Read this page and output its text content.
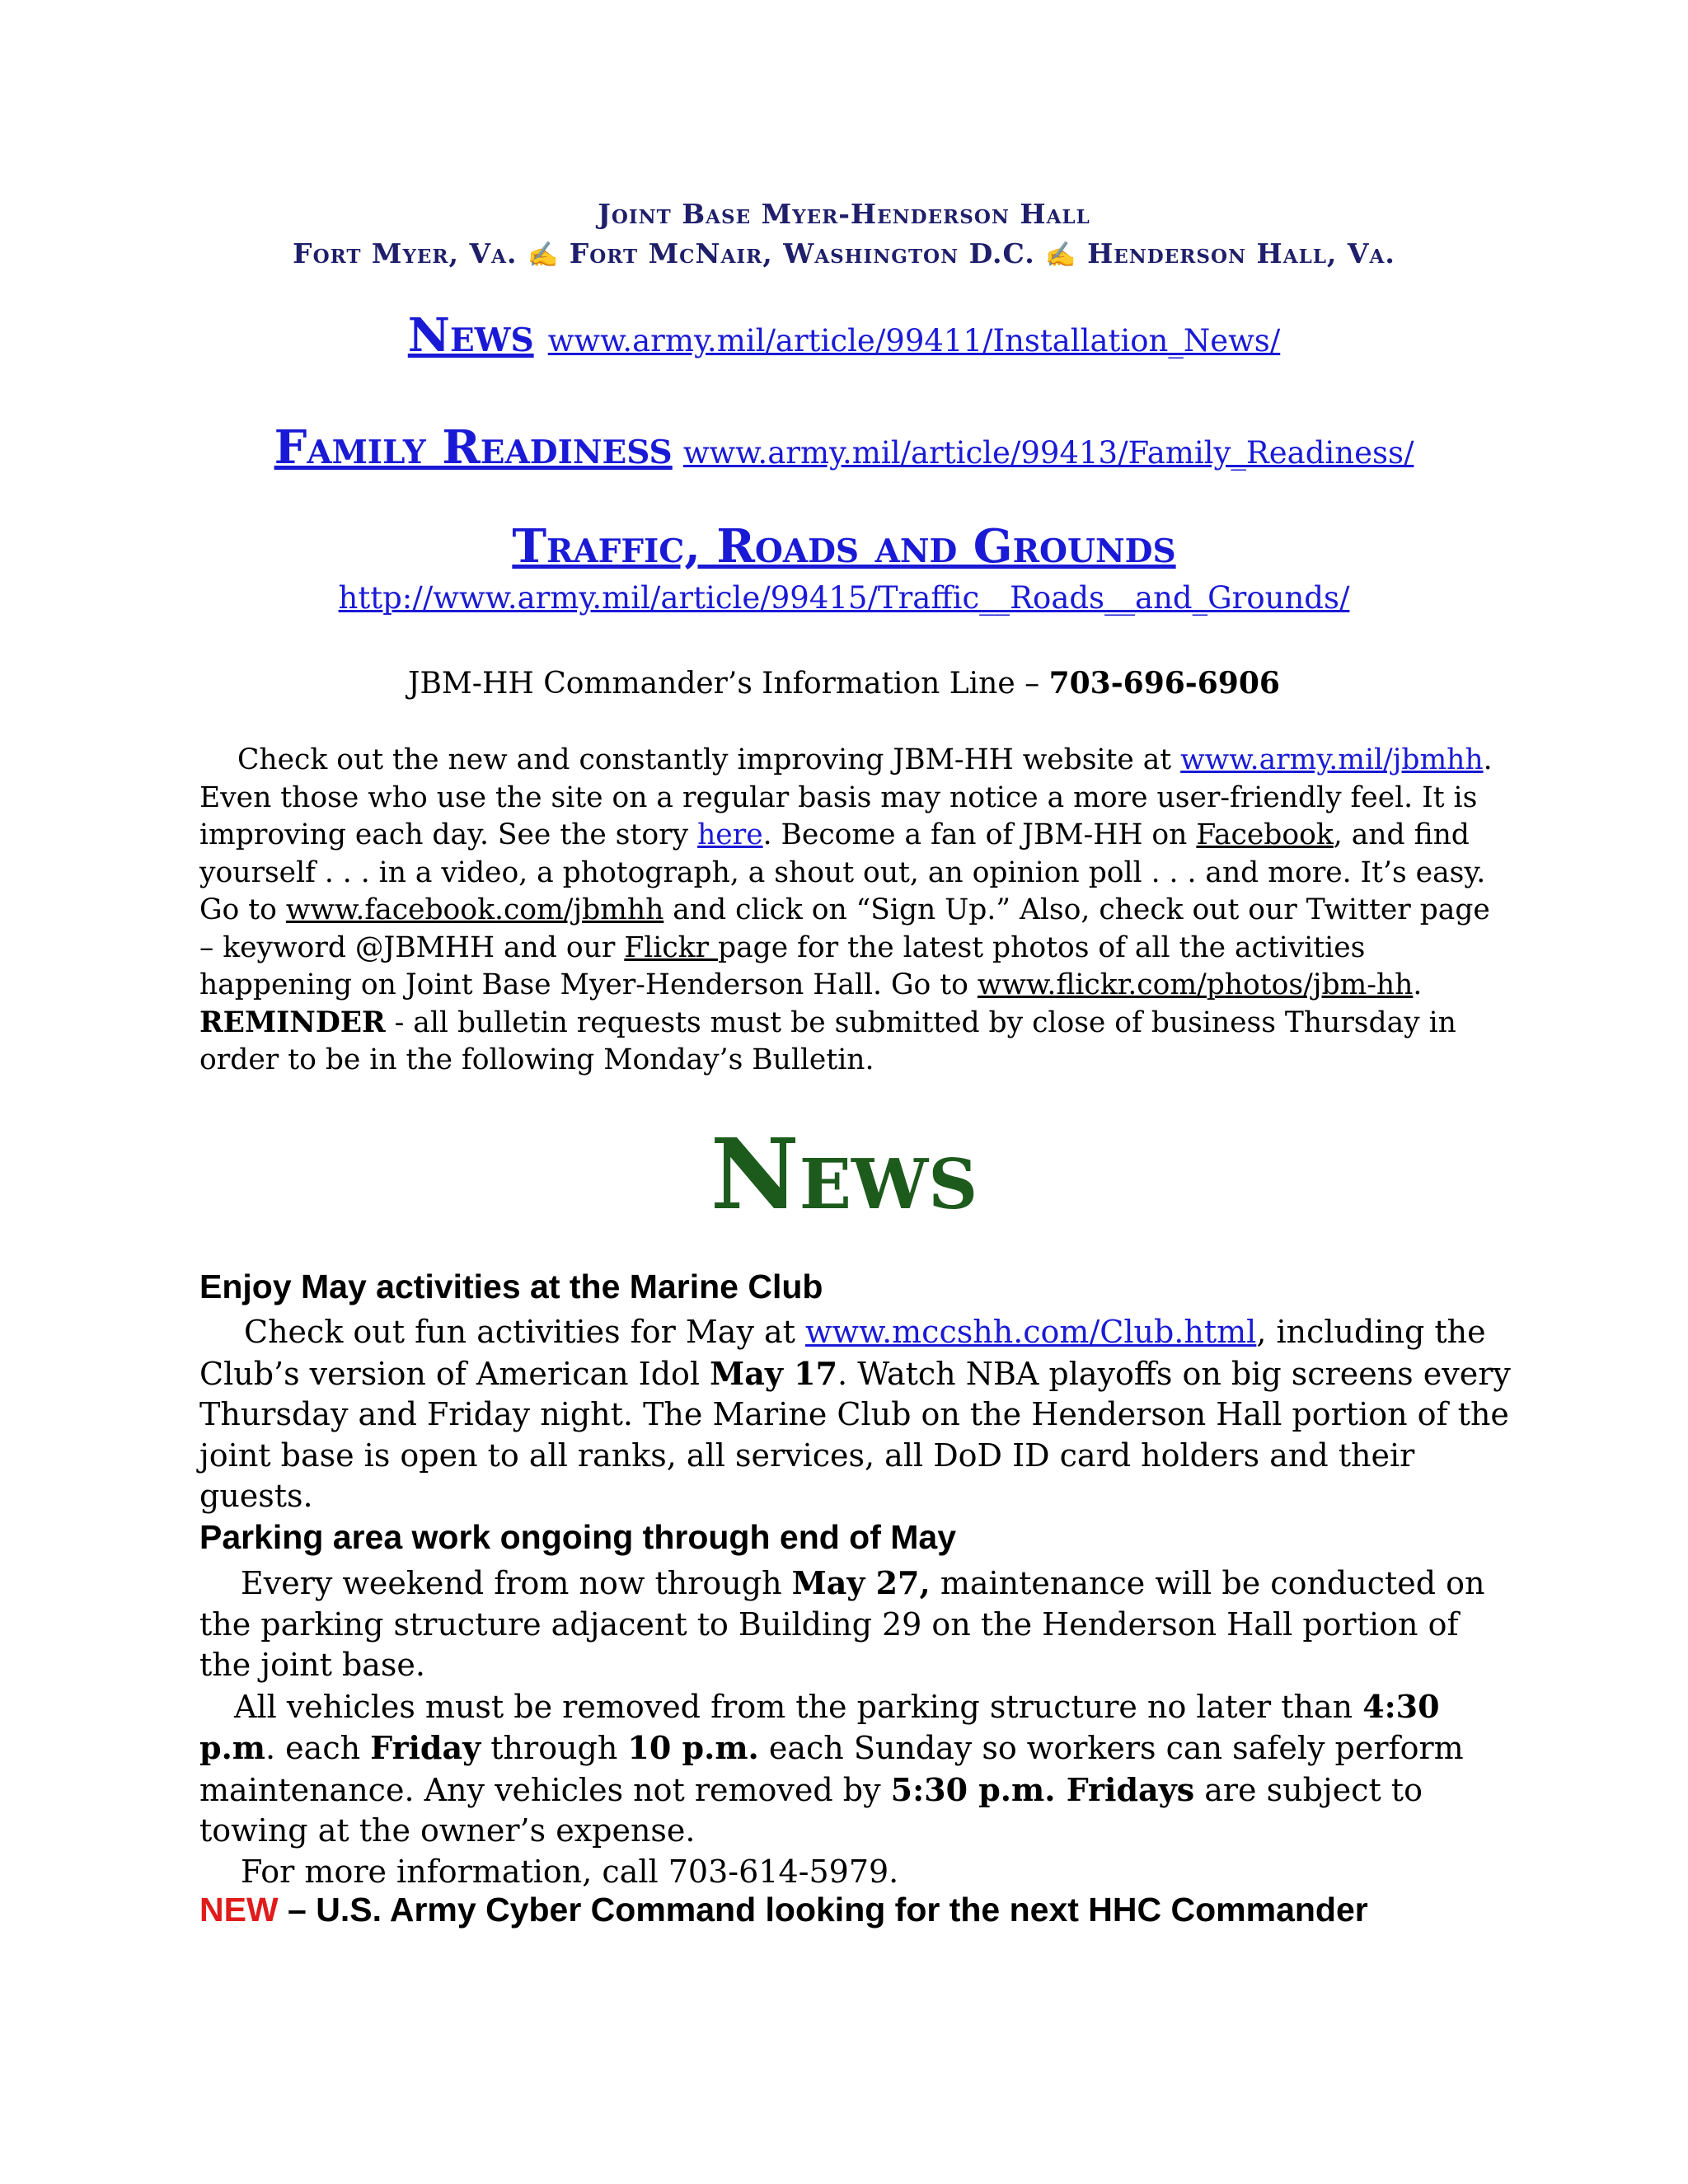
Joint Base Myer-Henderson Hall
Fort Myer, Va. ✍ Fort McNair, Washington D.C. ✍ Henderson Hall, Va.
News www.army.mil/article/99411/Installation_News/
Family Readiness www.army.mil/article/99413/Family_Readiness/
Traffic, Roads and Grounds
http://www.army.mil/article/99415/Traffic__Roads__and_Grounds/
JBM-HH Commander’s Information Line – 703-696-6906
Check out the new and constantly improving JBM-HH website at www.army.mil/jbmhh. Even those who use the site on a regular basis may notice a more user-friendly feel. It is improving each day. See the story here. Become a fan of JBM-HH on Facebook, and find yourself . . . in a video, a photograph, a shout out, an opinion poll . . . and more. It’s easy. Go to www.facebook.com/jbmhh and click on “Sign Up.” Also, check out our Twitter page – keyword @JBMHH and our Flickr page for the latest photos of all the activities happening on Joint Base Myer-Henderson Hall. Go to www.flickr.com/photos/jbm-hh. REMINDER - all bulletin requests must be submitted by close of business Thursday in order to be in the following Monday’s Bulletin.
News
Enjoy May activities at the Marine Club
Check out fun activities for May at www.mccshh.com/Club.html, including the Club’s version of American Idol May 17. Watch NBA playoffs on big screens every Thursday and Friday night. The Marine Club on the Henderson Hall portion of the joint base is open to all ranks, all services, all DoD ID card holders and their guests.
Parking area work ongoing through end of May
Every weekend from now through May 27, maintenance will be conducted on the parking structure adjacent to Building 29 on the Henderson Hall portion of the joint base.
All vehicles must be removed from the parking structure no later than 4:30 p.m. each Friday through 10 p.m. each Sunday so workers can safely perform maintenance. Any vehicles not removed by 5:30 p.m. Fridays are subject to towing at the owner’s expense.
For more information, call 703-614-5979.
NEW – U.S. Army Cyber Command looking for the next HHC Commander
